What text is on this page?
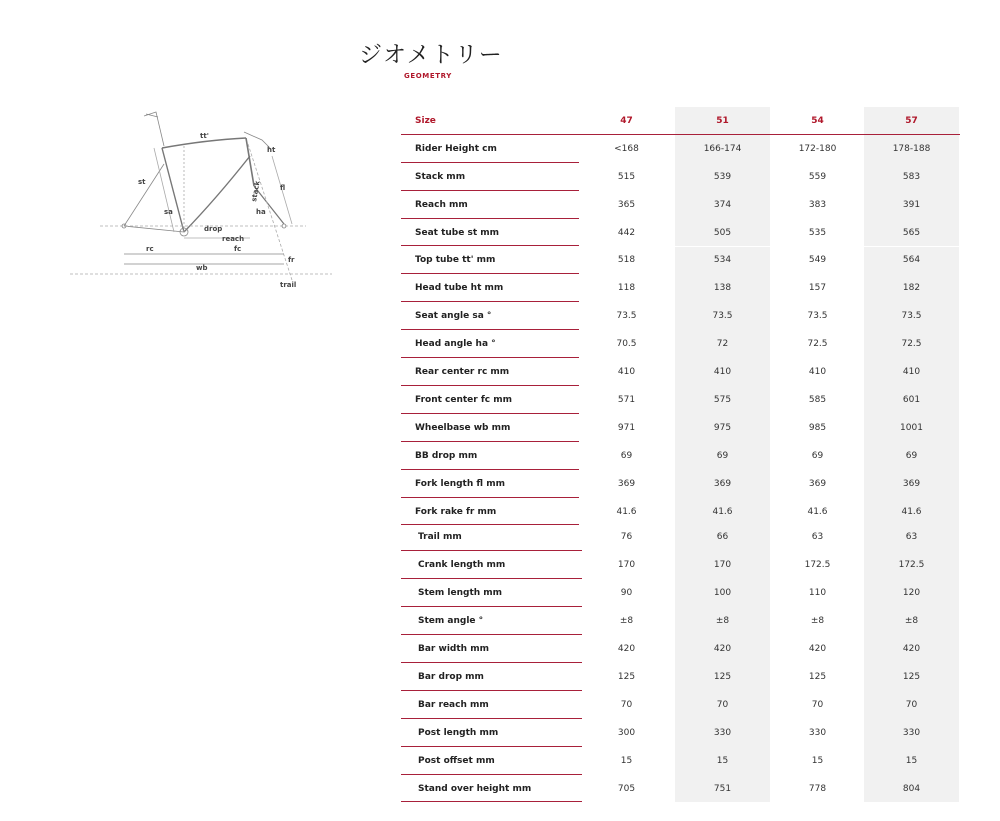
ジオメトリー
GEOMETRY
tt'
ht
st	stack	fl
sa	ha
drop
reach
rc	fc
fr
wb
trail
Size	47	51	54	57
Rider Height cm	<168	166-174	172-180	178-188
Stack mm	515	539	559	583
Reach mm	365	374	383	391
Seat tube st mm	442	505	535	565
Top tube tt' mm	518	534	549	564
Head tube ht mm	118	138	157	182
Seat angle sa °	73.5	73.5	73.5	73.5
Head angle ha °	70.5	72	72.5	72.5
Rear center rc mm	410	410	410	410
Front center fc mm	571	575	585	601
Wheelbase wb mm	971	975	985	1001
BB drop mm	69	69	69	69
Fork length fl mm	369	369	369	369
Fork rake fr mm	41.6	41.6	41.6	41.6
Trail mm	76	66	63	63
Crank length mm	170	170	172.5	172.5
Stem length mm	90	100	110	120
Stem angle °	±8	±8	±8	±8
Bar width mm	420	420	420	420
Bar drop mm	125	125	125	125
Bar reach mm	70	70	70	70
Post length mm	300	330	330	330
Post offset mm	15	15	15	15
Stand over height mm	705	751	778	804
